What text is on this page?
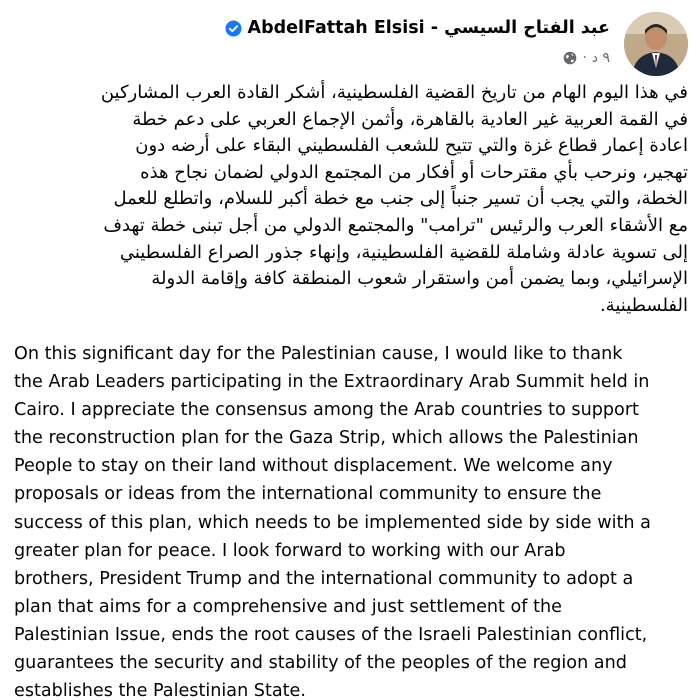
AbdelFattah Elsisi - عبد الفتاح السيسي
٩ د
·
في هذا اليوم الهام من تاريخ القضية الفلسطينية، أشكر القادة العرب المشاركين
في القمة العربية غير العادية بالقاهرة، وأثمن الإجماع العربي على دعم خطة
اعادة إعمار قطاع غزة والتي تتيح للشعب الفلسطيني البقاء على أرضه دون
تهجير، ونرحب بأي مقترحات أو أفكار من المجتمع الدولي لضمان نجاح هذه
الخطة، والتي يجب أن تسير جنباً إلى جنب مع خطة أكبر للسلام، واتطلع للعمل
مع الأشقاء العرب والرئيس "ترامب" والمجتمع الدولي من أجل تبنى خطة تهدف
إلى تسوية عادلة وشاملة للقضية الفلسطينية، وإنهاء جذور الصراع الفلسطيني
الإسرائيلي، وبما يضمن أمن واستقرار شعوب المنطقة كافة وإقامة الدولة
الفلسطينية.
On this significant day for the Palestinian cause, I would like to thank
the Arab Leaders participating in the Extraordinary Arab Summit held in
Cairo. I appreciate the consensus among the Arab countries to support
the reconstruction plan for the Gaza Strip, which allows the Palestinian
People to stay on their land without displacement. We welcome any
proposals or ideas from the international community to ensure the
success of this plan, which needs to be implemented side by side with a
greater plan for peace. I look forward to working with our Arab
brothers, President Trump and the international community to adopt a
plan that aims for a comprehensive and just settlement of the
Palestinian Issue, ends the root causes of the Israeli Palestinian conflict,
guarantees the security and stability of the peoples of the region and
establishes the Palestinian State.
